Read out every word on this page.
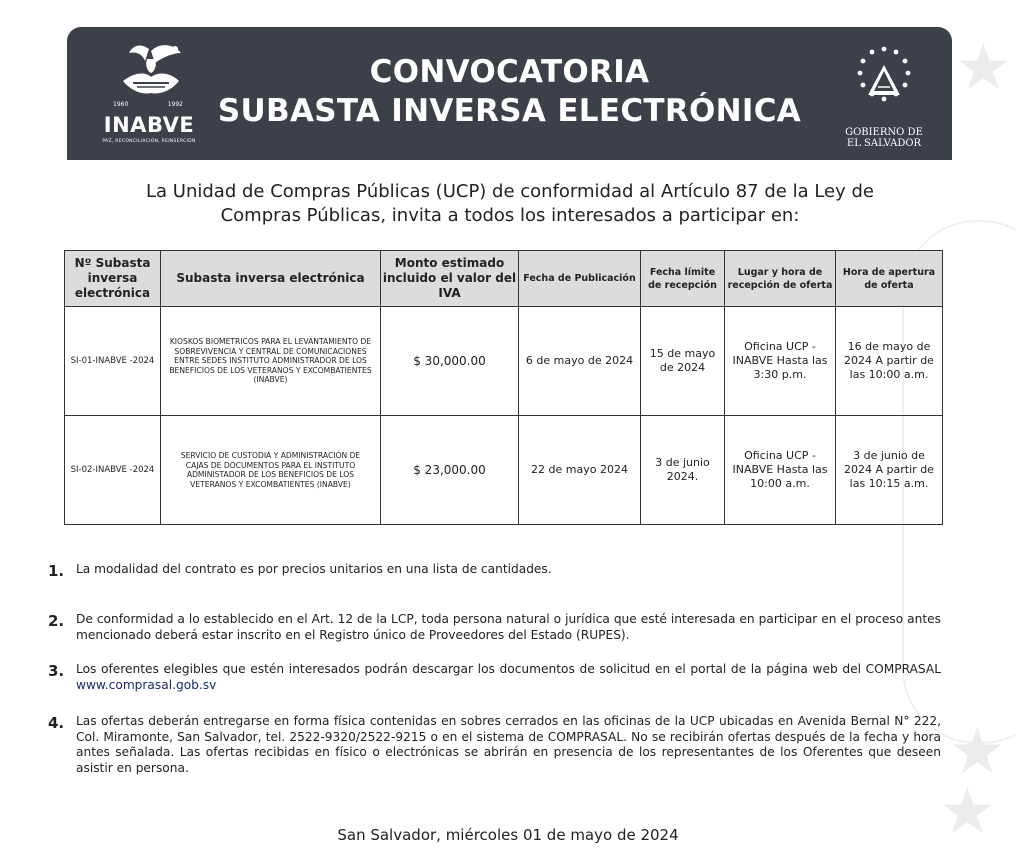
★
★
★
1960	1992
INABVE
PAZ, RECONCILIACIÓN, REINSERCIÓN
CONVOCATORIA
SUBASTA INVERSA ELECTRÓNICA
GOBIERNO DE
EL SALVADOR
La Unidad de Compras Públicas (UCP) de conformidad al Artículo 87 de la Ley de Compras Públicas, invita a todos los interesados a participar en:
Nº Subasta inversa electrónica	Subasta inversa electrónica	Monto estimado incluido el valor del IVA	Fecha de Publicación	Fecha límite de recepción	Lugar y hora de recepción de oferta	Hora de apertura de oferta
SI-01-INABVE -2024	KIOSKOS BIOMETRICOS PARA EL LEVANTAMIENTO DE SOBREVIVENCIA Y CENTRAL DE COMUNICACIONES ENTRE SEDES INSTITUTO ADMINISTRADOR DE LOS BENEFICIOS DE LOS VETERANOS Y EXCOMBATIENTES (INABVE)	$ 30,000.00	6 de mayo de 2024	15 de mayo de 2024	Oficina UCP - INABVE Hasta las 3:30 p.m.	16 de mayo de 2024 A partir de las 10:00 a.m.
SI-02-INABVE -2024	SERVICIO DE CUSTODIA Y ADMINISTRACIÓN DE CAJAS DE DOCUMENTOS PARA EL INSTITUTO ADMINISTADOR DE LOS BENEFICIOS DE LOS VETERANOS Y EXCOMBATIENTES (INABVE)	$ 23,000.00	22 de mayo 2024	3 de junio 2024.	Oficina UCP - INABVE Hasta las 10:00 a.m.	3 de junio de 2024 A partir de las 10:15 a.m.
1. La modalidad del contrato es por precios unitarios en una lista de cantidades.
2. De conformidad a lo establecido en el Art. 12 de la LCP, toda persona natural o jurídica que esté interesada en participar en el proceso antes mencionado deberá estar inscrito en el Registro único de Proveedores del Estado (RUPES).
3. Los oferentes elegibles que estén interesados podrán descargar los documentos de solicitud en el portal de la página web del COMPRASAL www.comprasal.gob.sv
4. Las ofertas deberán entregarse en forma física contenidas en sobres cerrados en las oficinas de la UCP ubicadas en Avenida Bernal N° 222, Col. Miramonte, San Salvador, tel. 2522-9320/2522-9215 o en el sistema de COMPRASAL. No se recibirán ofertas después de la fecha y hora antes señalada. Las ofertas recibidas en físico o electrónicas se abrirán en presencia de los representantes de los Oferentes que deseen asistir en persona.
San Salvador, miércoles 01 de mayo de 2024
